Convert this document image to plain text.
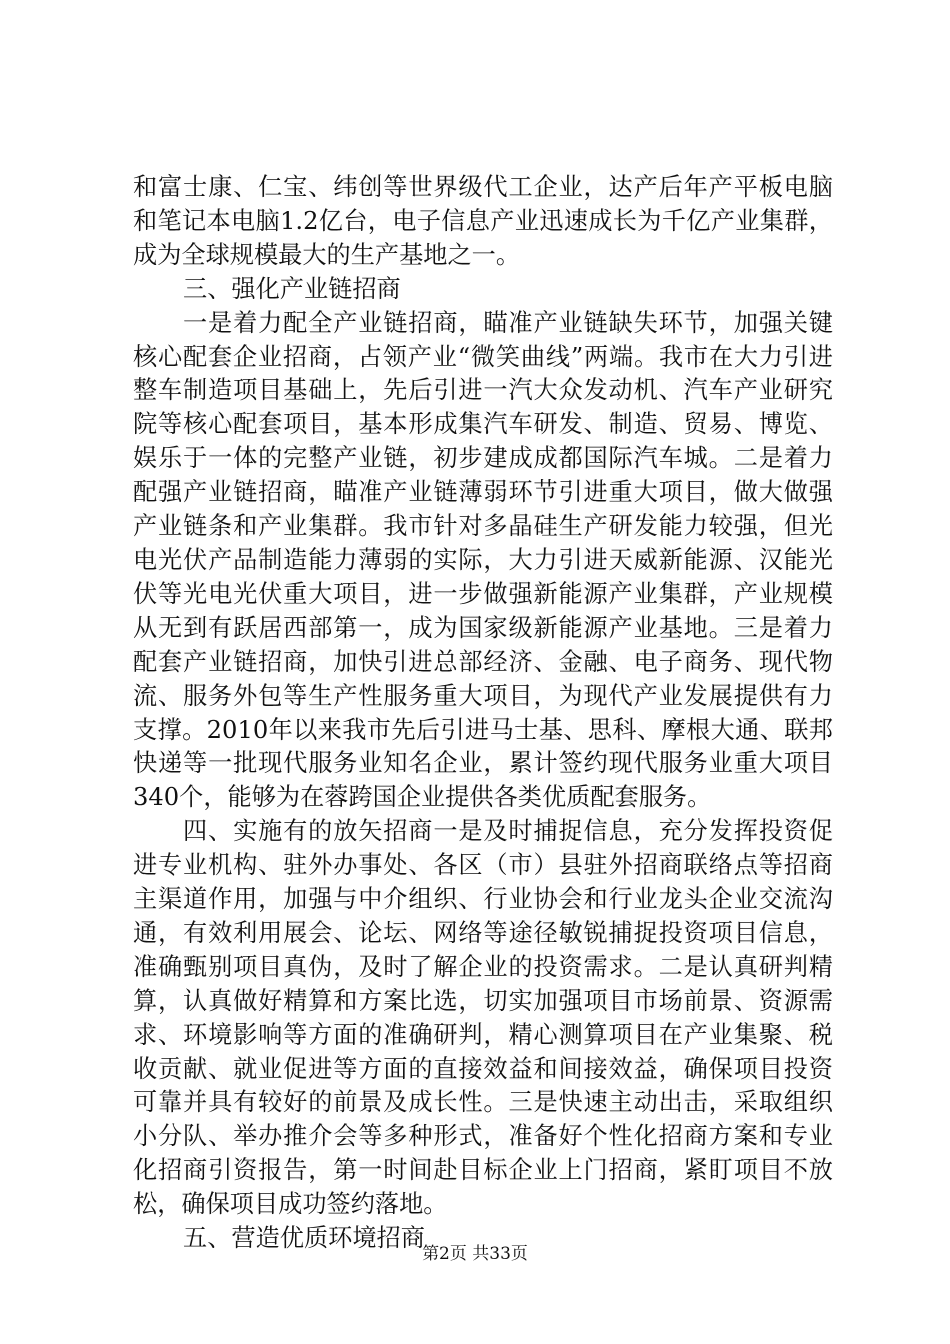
和富士康、仁宝、纬创等世界级代工企业，达产后年产平板电脑和笔记本电脑1.2亿台，电子信息产业迅速成长为千亿产业集群，成为全球规模最大的生产基地之一。

三、强化产业链招商

一是着力配全产业链招商，瞄准产业链缺失环节，加强关键核心配套企业招商，占领产业“微笑曲线”两端。我市在大力引进整车制造项目基础上，先后引进一汽大众发动机、汽车产业研究院等核心配套项目，基本形成集汽车研发、制造、贸易、博览、娱乐于一体的完整产业链，初步建成成都国际汽车城。二是着力配强产业链招商，瞄准产业链薄弱环节引进重大项目，做大做强产业链条和产业集群。我市针对多晶硅生产研发能力较强，但光电光伏产品制造能力薄弱的实际，大力引进天威新能源、汉能光伏等光电光伏重大项目，进一步做强新能源产业集群，产业规模从无到有跃居西部第一，成为国家级新能源产业基地。三是着力配套产业链招商，加快引进总部经济、金融、电子商务、现代物流、服务外包等生产性服务重大项目，为现代产业发展提供有力支撑。2010年以来我市先后引进马士基、思科、摩根大通、联邦快递等一批现代服务业知名企业，累计签约现代服务业重大项目340个，能够为在蓉跨国企业提供各类优质配套服务。

四、实施有的放矢招商一是及时捕捉信息，充分发挥投资促进专业机构、驻外办事处、各区（市）县驻外招商联络点等招商主渠道作用，加强与中介组织、行业协会和行业龙头企业交流沟通，有效利用展会、论坛、网络等途径敏锐捕捉投资项目信息，准确甄别项目真伪，及时了解企业的投资需求。二是认真研判精算，认真做好精算和方案比选，切实加强项目市场前景、资源需求、环境影响等方面的准确研判，精心测算项目在产业集聚、税收贡献、就业促进等方面的直接效益和间接效益，确保项目投资可靠并具有较好的前景及成长性。三是快速主动出击，采取组织小分队、举办推介会等多种形式，准备好个性化招商方案和专业化招商引资报告，第一时间赴目标企业上门招商，紧盯项目不放松，确保项目成功签约落地。

五、营造优质环境招商

第2页 共33页
